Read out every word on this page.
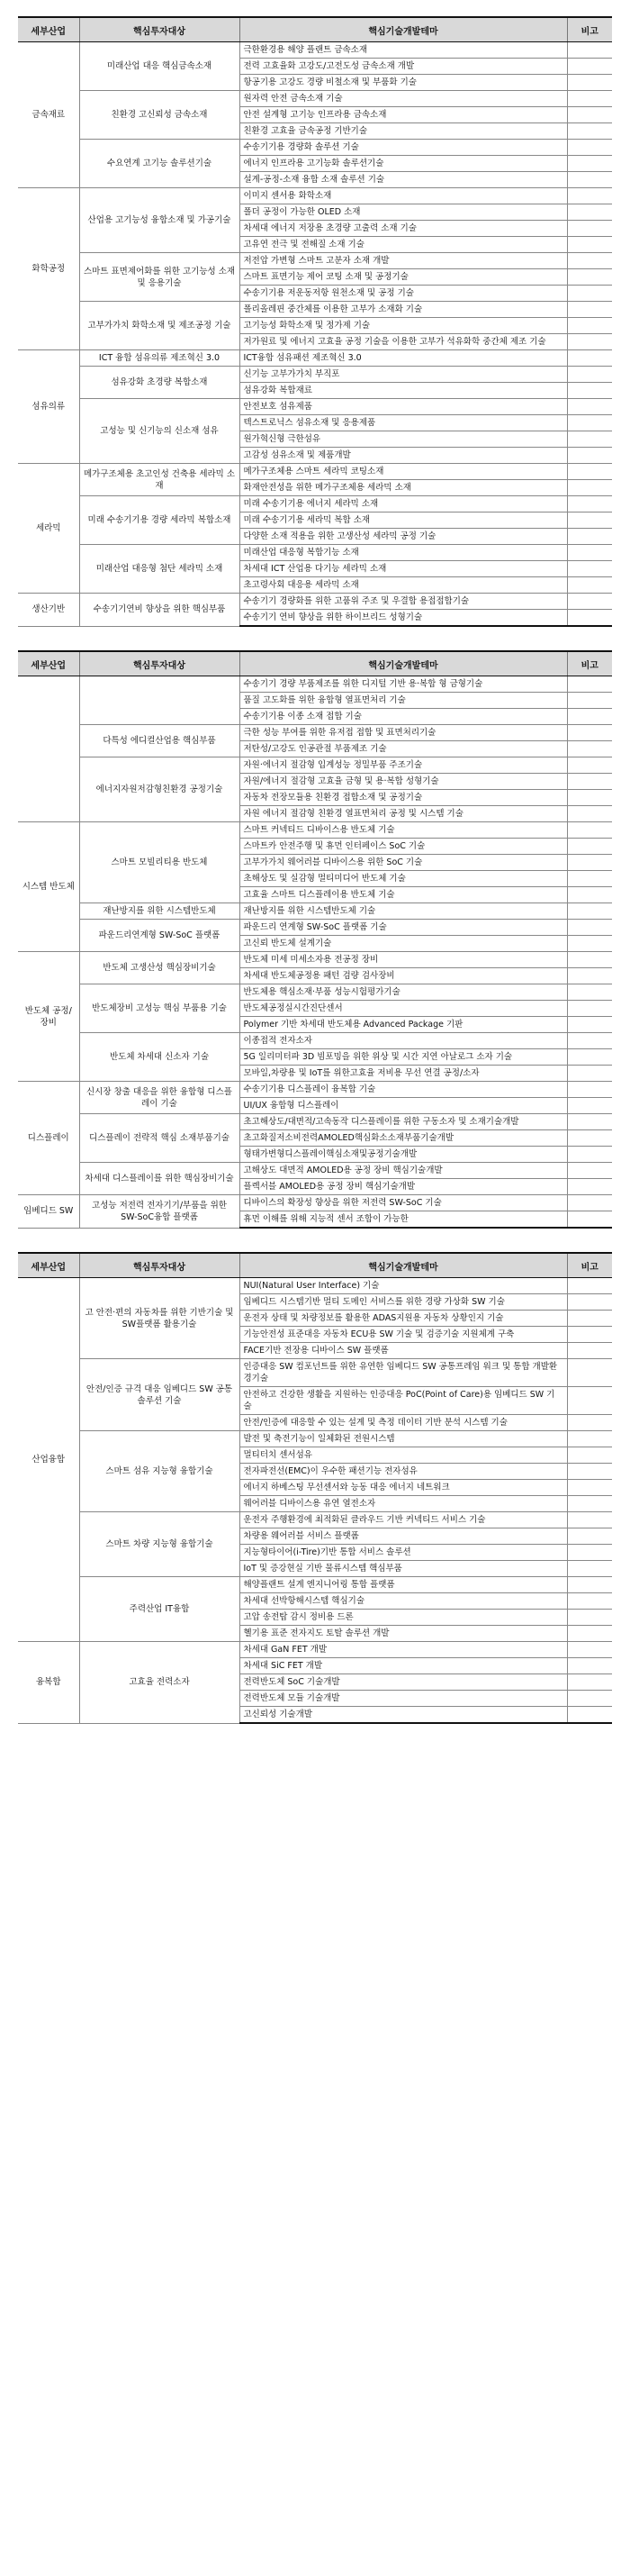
세부산업	핵심투자대상	핵심기술개발테마	비고
금속재료	미래산업 대응 핵심금속소재	극한환경용 해양 플랜트 금속소재	
		전력 고효율화 고강도/고전도성 금속소재 개발	
		항공기용 고강도 경량 비철소재 및 부품화 기술	
	친환경 고신뢰성 금속소재	원자력 안전 금속소재 기술	
		안전 설계형 고기능 인프라용 금속소재	
		친환경 고효율 금속공정 기반기술	
	수요연계 고기능 솔루션기술	수송기기용 경량화 솔루션 기술	
		에너지 인프라용 고기능화 솔루션기술	
		설계-공정-소재 융합 소재 솔루션 기술	
화학공정	산업용 고기능성 융합소재 및 가공기술	이미지 센서용 화학소재	
		폴더 공정이 가능한 OLED 소재	
		차세대 에너지 저장용 초경량 고출력 소재 기술	
		고유연 전극 및 전해질 소재 기술	
	스마트 표면제어화를 위한 고기능성 소재 및 응용기술	저전압 가변형 스마트 고분자 소재 개발	
		스마트 표면기능 제어 코팅 소재 및 공정기술	
		수송기기용 저운동저항 원천소재 및 공정 기술	
	고부가가치 화학소재 및 제조공정 기술	폴리올레핀 중간체를 이용한 고부가 소재화 기술	
		고기능성 화학소재 및 정가제 기술	
		저가원료 및 에너지 고효율 공정 기술을 이용한 고부가 석유화학 중간체 제조 기술	
섬유의류	ICT 융합 섬유의류 제조혁신 3.0	ICT융합 섬유패션 제조혁신 3.0	
	섬유강화 초경량 복합소재	신기능 고부가가치 부직포	
		섬유강화 복합재료	
	고성능 및 신기능의 신소재 섬유	안전보호 섬유제품	
		텍스트로닉스 섬유소재 및 응용제품	
		원가혁신형 극한섬유	
		고감성 섬유소재 및 제품개발	
세라믹	메가구조체용 초고인성 건축용 세라믹 소재	메가구조체용 스마트 세라믹 코팅소재	
		화재안전성을 위한 메가구조체용 세라믹 소재	
	미래 수송기기용 경량 세라믹 복합소재	미래 수송기기용 에너지 세라믹 소재	
		미래 수송기기용 세라믹 복합 소재	
		다양한 소재 적용을 위한 고생산성 세라믹 공정 기술	
	미래산업 대응형 첨단 세라믹 소재	미래산업 대응형 복합기능 소재	
		차세대 ICT 산업용 다기능 세라믹 소재	
		초고령사회 대응용 세라믹 소재	
생산기반	수송기기연비 향상을 위한 핵심부품	수송기기 경량화를 위한 고품위 주조 및 우결합 용접접합기술	
		수송기기 연비 향상을 위한 하이브리드 성형기술	
세부산업	핵심투자대상	핵심기술개발테마	비고
		수송기기 경량 부품제조를 위한 디지털 기반 용·복합 형 금형기술	
		품질 고도화를 위한 융합형 열표면처리 기술	
		수송기기용 이종 소재 접합 기술	
	다특성 에디컬산업용 핵심부품	극한 성능 부여를 위한 유저접 접합 및 표면처리기술	
		저탄성/고강도 인공관절 부품제조 기술	
	에너지자원저감형친환경 공정기술	자원·에너지 절감형 입계성능 정밀부품 주조기술	
		자원/에너지 절감형 고효율 금형 및 용·복합 성형기술	
		자동차 전장모듈용 친환경 접합소재 및 공정기술	
		자원 에너지 절감형 친환경 열표면처리 공정 및 시스템 기술	
시스템 반도체	스마트 모빌리티용 반도체	스마트 커넥티드 디바이스용 반도체 기술	
		스마트카 안전주행 및 휴먼 인터페이스 SoC 기술	
		고부가가치 웨어러블 디바이스용 위한 SoC 기술	
		초해상도 및 실감형 멀티미디어 반도체 기술	
		고효율 스마트 디스플레이용 반도체 기술	
	재난방지를 위한 시스템반도체	재난방지를 위한 시스템반도체 기술	
	파운드리연계형 SW-SoC 플랫폼	파운드리 연계형 SW-SoC 플랫폼 기술	
		고신뢰 반도체 설계기술	
반도체 공정/장비	반도체 고생산성 핵심장비기술	반도체 미세 미세소자용 전공정 장비	
		차세대 반도체공정용 패턴 검량 검사장비	
	반도체장비 고성능 핵심 부품용 기술	반도체용 핵심소재·부품 성능시험평가기술	
		반도체공정실시간진단센서	
		Polymer 기반 차세대 반도체용 Advanced Package 기판	
	반도체 차세대 신소자 기술	이종접적 전자소자	
		5G 일리미터파 3D 빔포밍을 위한 위상 및 시간 지연 아날로그 소자 기술	
		모바일,차량용 및 IoT를 위한고효율 저비용 무선 연결 공정/소자	
디스플레이	신시장 창출 대응을 위한 융합형 디스플레이 기술	수송기기용 디스플레이 융복합 기술	
		UI/UX 융합형 디스플레이	
	디스플레이 전략적 핵심 소재부품기술	초고해상도/대면적/고속동작 디스플레이를 위한 구동소자 및 소재기술개발	
		초고화질저소비전력AMOLED핵심화소소재부품기술개발	
		형태가변형디스플레이핵심소재및공정기술개발	
	차세대 디스플레이를 위한 핵심장비기술	고해상도 대면적 AMOLED용 공정 장비 핵심기술개발	
		플렉서블 AMOLED용 공정 장비 핵심기술개발	
임베디드 SW	고성능 저전력 전자기기/부품을 위한 SW-SoC융합 플랫폼	디바이스의 확장성 향상을 위한 저전력 SW-SoC 기술	
		휴먼 이해를 위해 지능적 센서 조합이 가능한	
세부산업	핵심투자대상	핵심기술개발테마	비고
산업융합	고 안전·편의 자동차를 위한 기반기술 및 SW플랫폼 활용기술	NUI(Natural User Interface) 기술	
		임베디드 시스템기반 멀티 도메인 서비스를 위한 경량 가상화 SW 기술	
		운전자 상태 및 차량정보를 활용한 ADAS지원용 자동차 상황인지 기술	
		기능안전성 표준대응 자동차 ECU용 SW 기술 및 검증기술 지원체계 구축	
		FACE기반 전장용 디바이스 SW 플랫폼	
	안전/인증 규격 대응 임베디드 SW 공통 솔루션 기술	인증대응 SW 컴포넌트를 위한 유연한 임베디드 SW 공통프레임 워크 및 통합 개발환경기술	
		안전하고 건강한 생활을 지원하는 인증대응 PoC(Point of Care)용 임베디드 SW 기술	
		안전/인증에 대응할 수 있는 설계 및 측정 데이터 기반 분석 시스템 기술	
	스마트 섬유 지능형 융합기술	발전 및 축전기능이 일체화된 전원시스템	
		멀티터치 센서섬유	
		전자파전선(EMC)이 우수한 패션기능 전자섬유	
		에너지 하베스팅 무선센서와 능동 대응 에너지 네트워크	
		웨어러블 디바이스용 유연 열전소자	
	스마트 차량 지능형 융합기술	운전자 주행환경에 최적화된 클라우드 기반 커넥티드 서비스 기술	
		차량용 웨어러블 서비스 플랫폼	
		지능형타이어(i-Tire)기반 통합 서비스 솔루션	
		IoT 및 증강현실 기반 물류시스템 핵심부품	
	주력산업 IT융합	해양플랜트 설계 엔지니어링 통합 플랫폼	
		차세대 선박항해시스템 핵심기술	
		고압 송전탑 감시 정비용 드론	
		헬기용 표준 전자지도 토탈 솔루션 개발	
융복합	고효율 전력소자	차세대 GaN FET 개발	
		차세대 SiC FET 개발	
		전력반도체 SoC 기술개발	
		전력반도체 모듈 기술개발	
		고신뢰성 기술개발	
